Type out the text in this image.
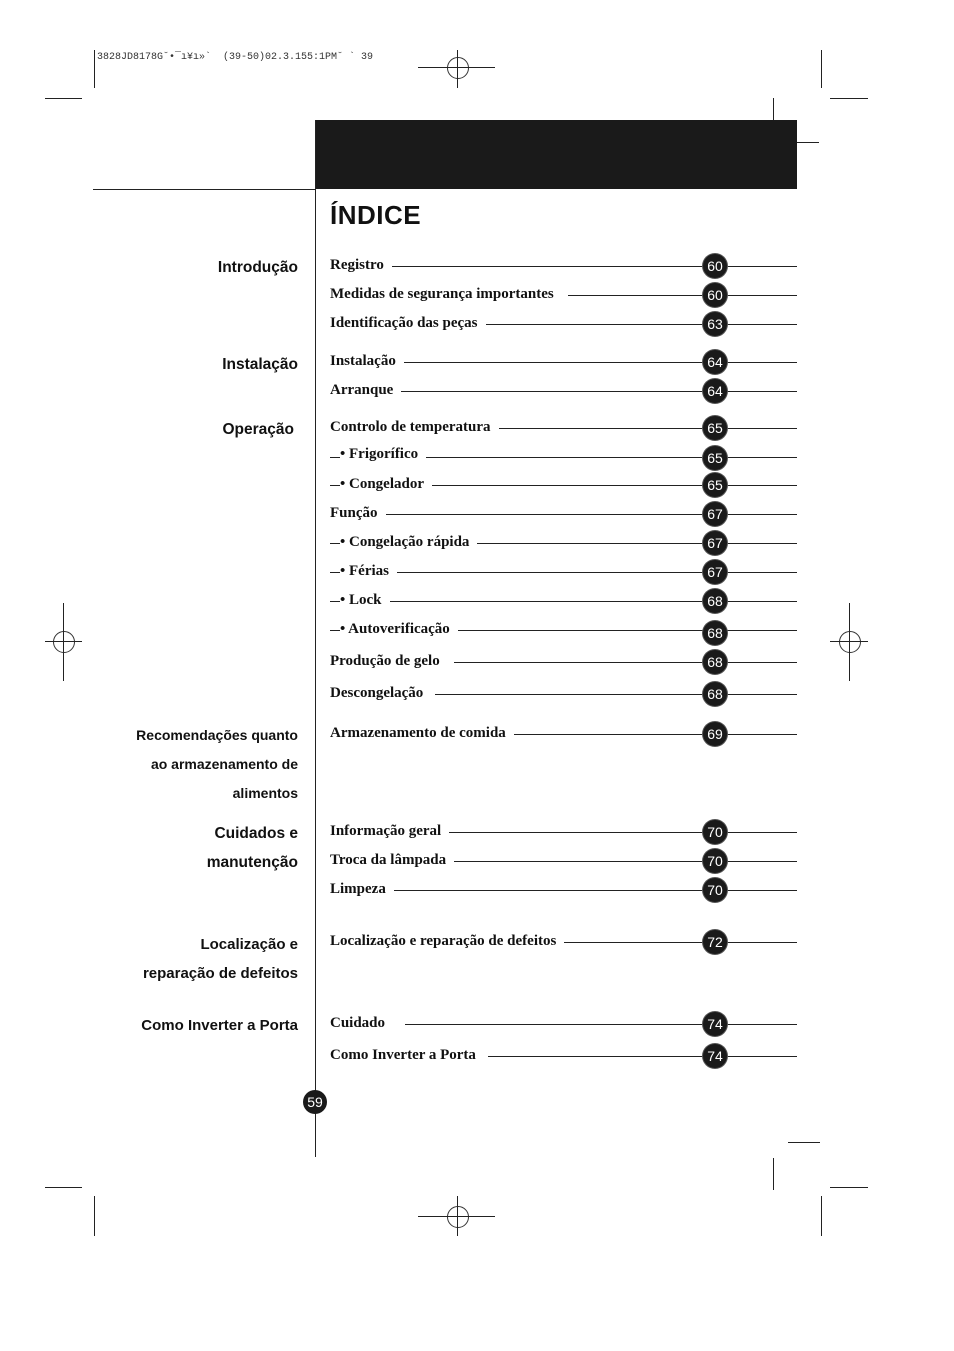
3828JD8178G˘•¯ı¥ı»`  (39-50)02.3.155:1PM˘ ` 39
ÍNDICE
Introdução
Instalação
Operação
Recomendações quanto
ao armazenamento de
alimentos
Cuidados e
manutenção
Localização e
reparação de defeitos
Como Inverter a Porta
Registro	60
Medidas de segurança importantes	60
Identificação das peças	63
Instalação	64
Arranque	64
Controlo de temperatura	65
• Frigorífico	65
• Congelador	65
Função	67
• Congelação rápida	67
• Férias	67
• Lock	68
• Autoverificação	68
Produção de gelo	68
Descongelação	68
Armazenamento de comida	69
Informação geral	70
Troca da lâmpada	70
Limpeza	70
Localização e reparação de defeitos	72
Cuidado	74
Como Inverter a Porta	74
59
